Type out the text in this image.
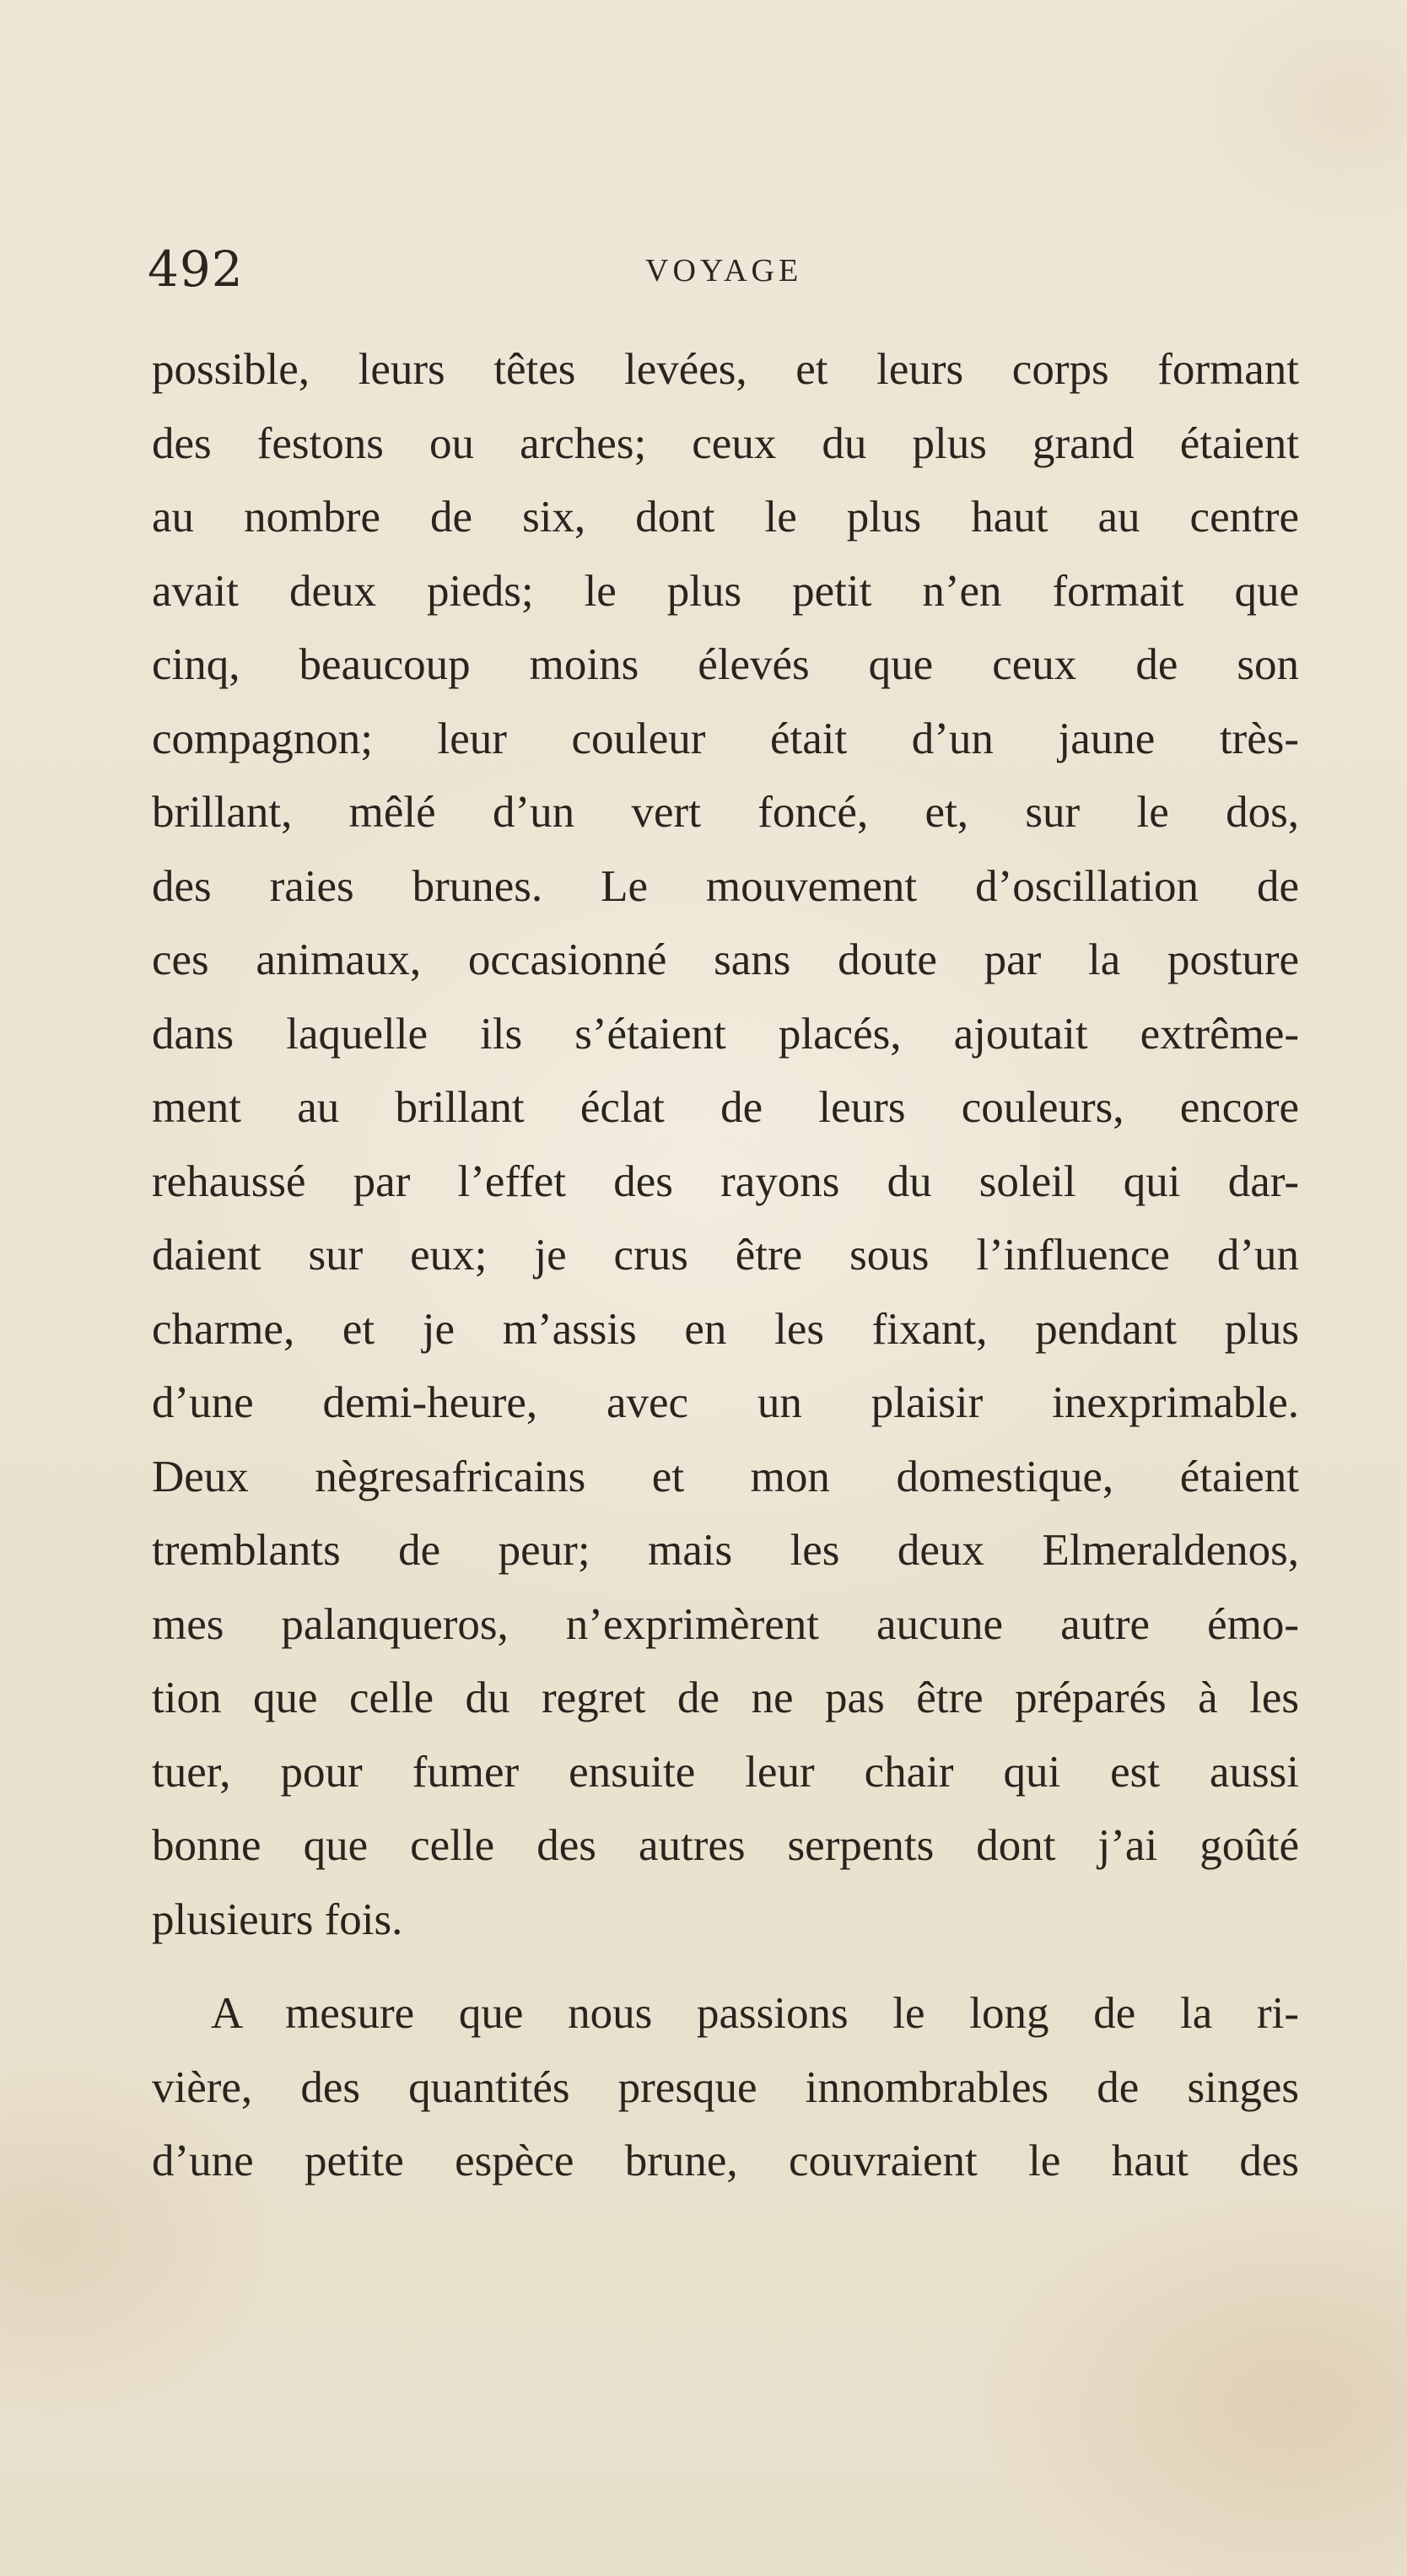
492	VOYAGE
possible, leurs têtes levées, et leurs corps formant
des festons ou arches; ceux du plus grand étaient
au nombre de six, dont le plus haut au centre
avait deux pieds; le plus petit n’en formait que
cinq, beaucoup moins élevés que ceux de son
compagnon; leur couleur était d’un jaune très-
brillant, mêlé d’un vert foncé, et, sur le dos,
des raies brunes. Le mouvement d’oscillation de
ces animaux, occasionné sans doute par la posture
dans laquelle ils s’étaient placés, ajoutait extrême-
ment au brillant éclat de leurs couleurs, encore
rehaussé par l’effet des rayons du soleil qui dar-
daient sur eux; je crus être sous l’influence d’un
charme, et je m’assis en les fixant, pendant plus
d’une demi-heure, avec un plaisir inexprimable.
Deux nègresafricains et mon domestique, étaient
tremblants de peur; mais les deux Elmeraldenos,
mes palanqueros, n’exprimèrent aucune autre émo-
tion que celle du regret de ne pas être préparés à les
tuer, pour fumer ensuite leur chair qui est aussi
bonne que celle des autres serpents dont j’ai goûté
plusieurs fois.
A mesure que nous passions le long de la ri-
vière, des quantités presque innombrables de singes
d’une petite espèce brune, couvraient le haut des
